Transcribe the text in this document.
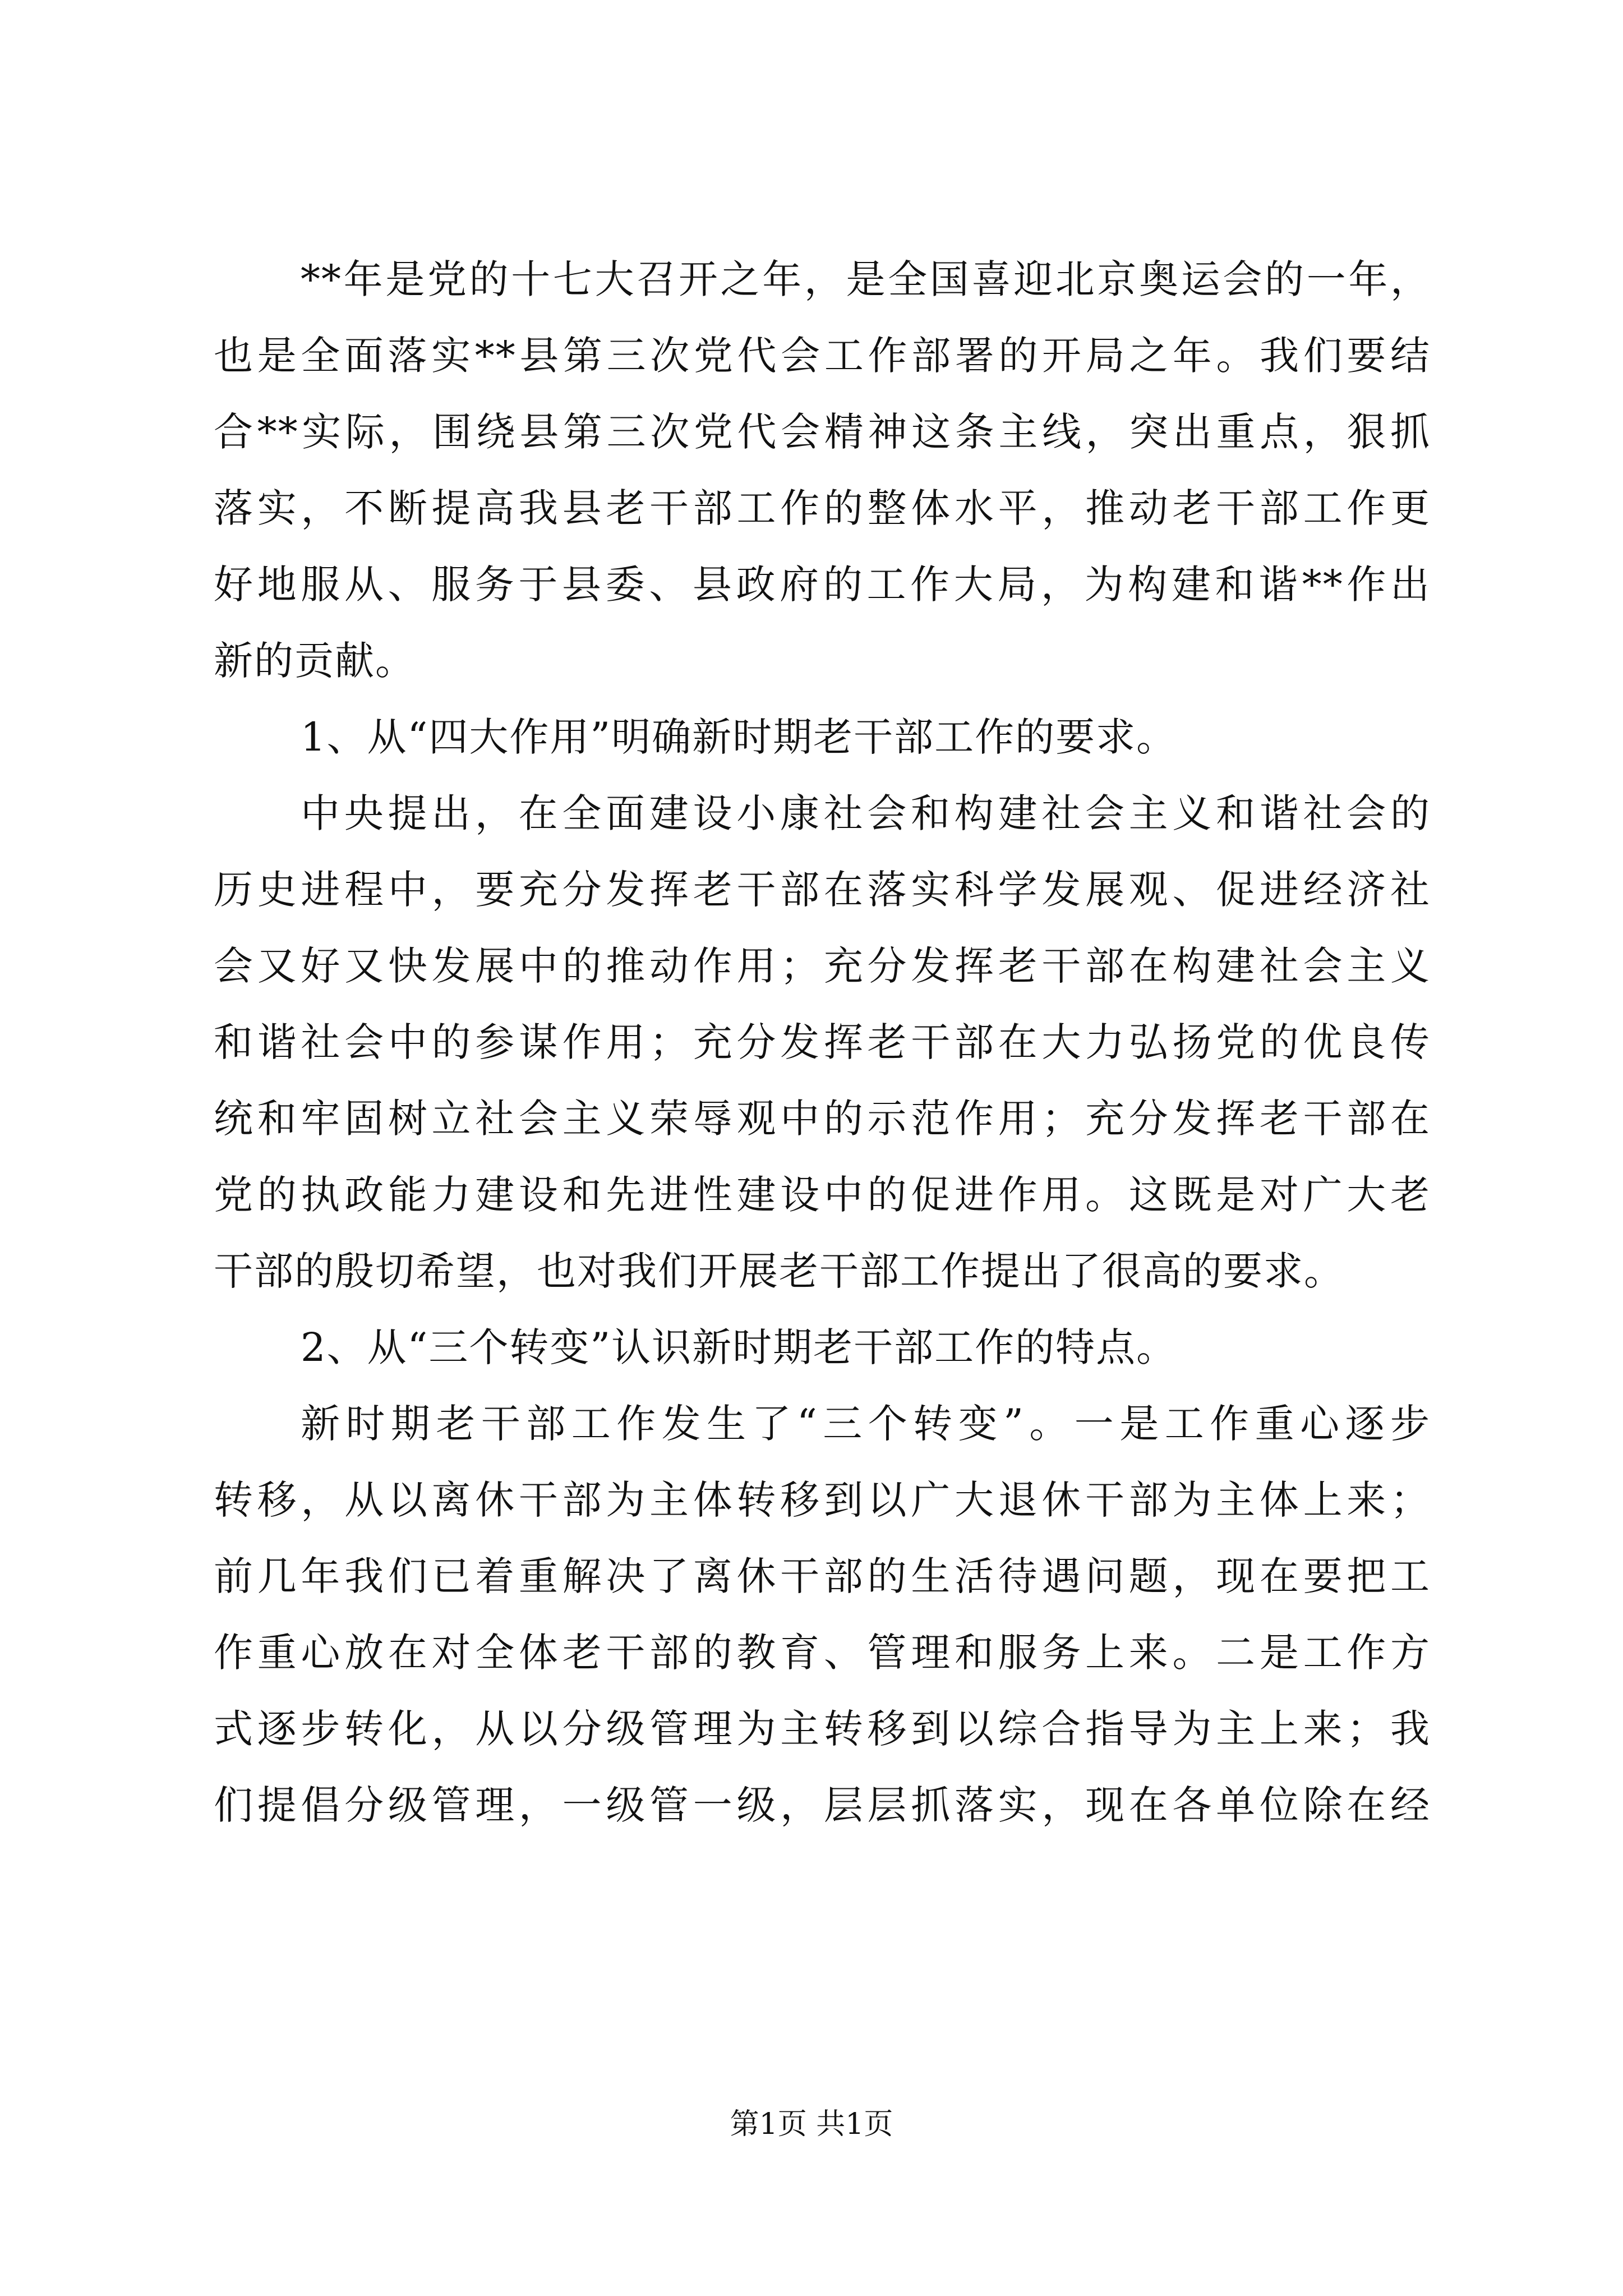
**年是党的十七大召开之年，是全国喜迎北京奥运会的一年，
也是全面落实**县第三次党代会工作部署的开局之年。我们要结
合**实际，围绕县第三次党代会精神这条主线，突出重点，狠抓
落实，不断提高我县老干部工作的整体水平，推动老干部工作更
好地服从、服务于县委、县政府的工作大局，为构建和谐**作出
新的贡献。
1、从“四大作用”明确新时期老干部工作的要求。
中央提出，在全面建设小康社会和构建社会主义和谐社会的
历史进程中，要充分发挥老干部在落实科学发展观、促进经济社
会又好又快发展中的推动作用；充分发挥老干部在构建社会主义
和谐社会中的参谋作用；充分发挥老干部在大力弘扬党的优良传
统和牢固树立社会主义荣辱观中的示范作用；充分发挥老干部在
党的执政能力建设和先进性建设中的促进作用。这既是对广大老
干部的殷切希望，也对我们开展老干部工作提出了很高的要求。
2、从“三个转变”认识新时期老干部工作的特点。
新时期老干部工作发生了“三个转变”。一是工作重心逐步
转移，从以离休干部为主体转移到以广大退休干部为主体上来；
前几年我们已着重解决了离休干部的生活待遇问题，现在要把工
作重心放在对全体老干部的教育、管理和服务上来。二是工作方
式逐步转化，从以分级管理为主转移到以综合指导为主上来；我
们提倡分级管理，一级管一级，层层抓落实，现在各单位除在经
第1页 共1页
